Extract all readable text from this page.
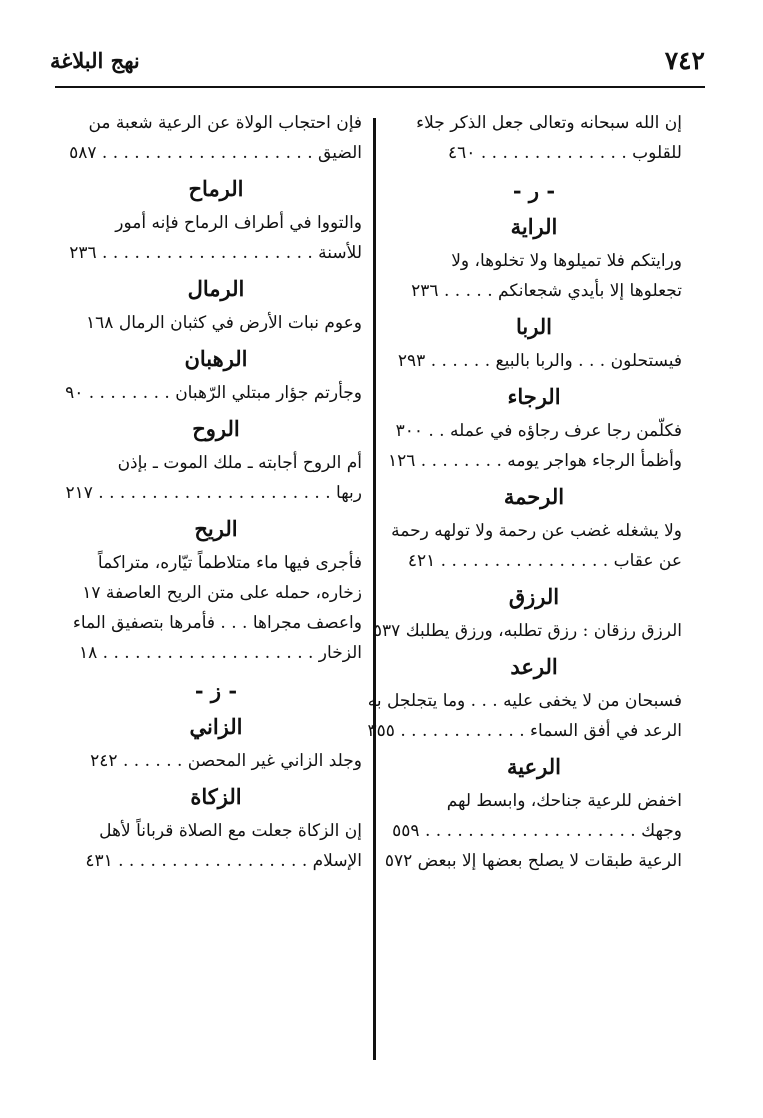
٧٤٢
نهج البلاغة
إن الله سبحانه وتعالى جعل الذكر جلاء
للقلوب . . . . . . . . . . . . . . ٤٦٠
- ر -
الراية
ورايتكم فلا تميلوها ولا تخلوها، ولا
تجعلوها إلا بأيدي شجعانكم . . . . . ٢٣٦
الربا
فيستحلون . . . والربا بالبيع . . . . . . ٢٩٣
الرجاء
فكلّمن رجا عرف رجاؤه في عمله . . ٣٠٠
وأظمأ الرجاء هواجر يومه . . . . . . . . ١٢٦
الرحمة
ولا يشغله غضب عن رحمة ولا تولهه رحمة
عن عقاب . . . . . . . . . . . . . . . . ٤٢١
الرزق
الرزق رزقان : رزق تطلبه، ورزق يطلبك ٥٣٧
الرعد
فسبحان من لا يخفى عليه . . . وما يتجلجل به
الرعد في أفق السماء . . . . . . . . . . . . ٣٥٥
الرعية
اخفض للرعية جناحك، وابسط لهم
وجهك . . . . . . . . . . . . . . . . . . . . ٥٥٩
الرعية طبقات لا يصلح بعضها إلا ببعض ٥٧٢
فإن احتجاب الولاة عن الرعية شعبة من
الضيق . . . . . . . . . . . . . . . . . . . . ٥٨٧
الرماح
والتووا في أطراف الرماح فإنه أمور
للأسنة . . . . . . . . . . . . . . . . . . . . ٢٣٦
الرمال
وعوم نبات الأرض في كثبان الرمال ١٦٨
الرهبان
وجأرتم جؤار مبتلي الرّهبان . . . . . . . . ٩٠
الروح
أم الروح أجابته ـ ملك الموت ـ بإذن
ربها . . . . . . . . . . . . . . . . . . . . . . ٢١٧
الريح
فأجرى فيها ماء متلاطماً تيّاره، متراكماً
زخاره، حمله على متن الريح العاصفة ١٧
واعصف مجراها . . . فأمرها بتصفيق الماء
الزخار . . . . . . . . . . . . . . . . . . . . ١٨
- ز -
الزاني
وجلد الزاني غير المحصن . . . . . . ٢٤٢
الزكاة
إن الزكاة جعلت مع الصلاة قرباناً لأهل
الإسلام . . . . . . . . . . . . . . . . . . ٤٣١
